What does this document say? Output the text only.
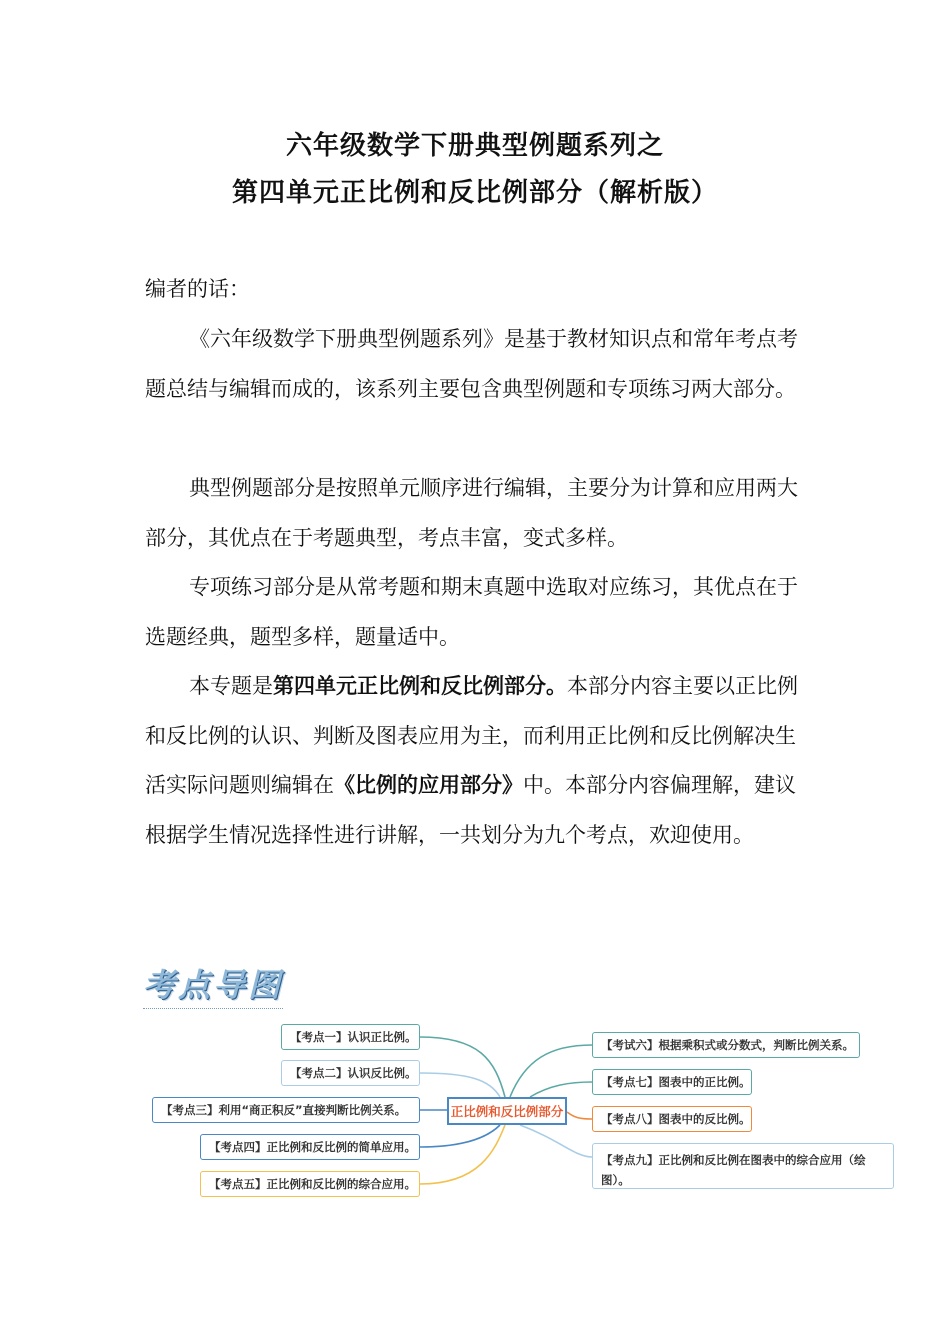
六年级数学下册典型例题系列之
第四单元正比例和反比例部分（解析版）
编者的话：
《六年级数学下册典型例题系列》是基于教材知识点和常年考点考题总结与编辑而成的，该系列主要包含典型例题和专项练习两大部分。
典型例题部分是按照单元顺序进行编辑，主要分为计算和应用两大部分，其优点在于考题典型，考点丰富，变式多样。
专项练习部分是从常考题和期末真题中选取对应练习，其优点在于选题经典，题型多样，题量适中。
本专题是第四单元正比例和反比例部分。本部分内容主要以正比例和反比例的认识、判断及图表应用为主，而利用正比例和反比例解决生活实际问题则编辑在《比例的应用部分》中。本部分内容偏理解，建议根据学生情况选择性进行讲解，一共划分为九个考点，欢迎使用。
考点导图
正比例和反比例部分
【考点一】认识正比例。
【考点二】认识反比例。
【考点三】利用“商正积反”直接判断比例关系。
【考点四】正比例和反比例的简单应用。
【考点五】正比例和反比例的综合应用。
【考试六】根据乘积式或分数式，判断比例关系。
【考点七】图表中的正比例。
【考点八】图表中的反比例。
【考点九】正比例和反比例在图表中的综合应用（绘图）。
